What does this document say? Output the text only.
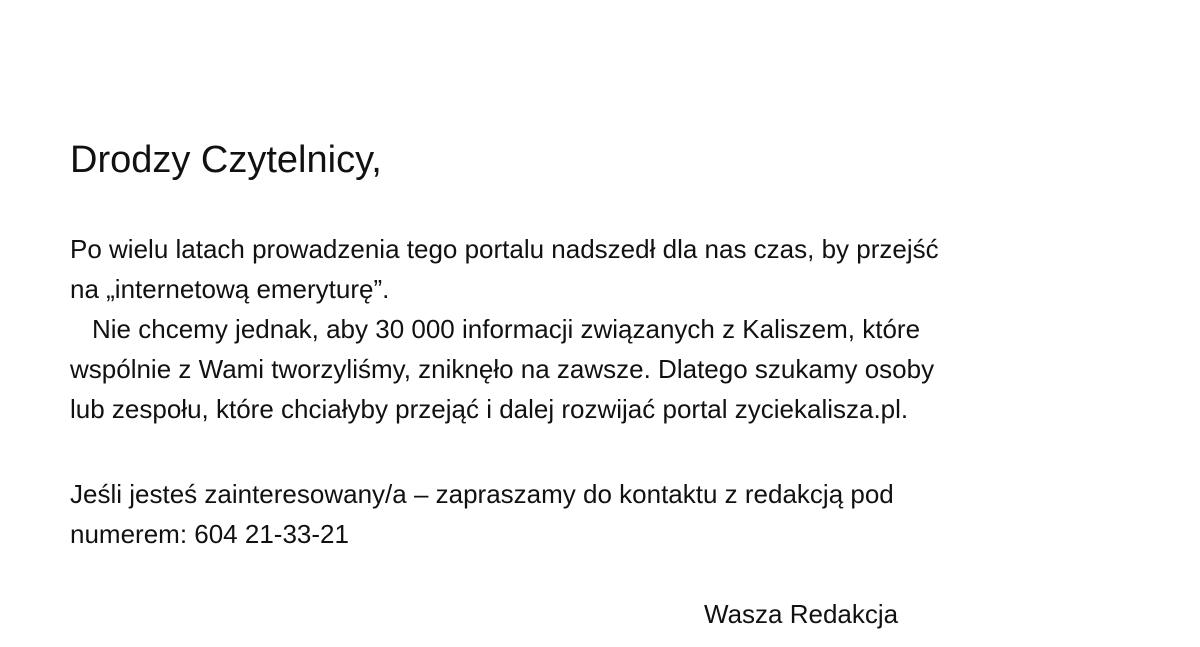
Drodzy Czytelnicy,

Po wielu latach prowadzenia tego portalu nadszedł dla nas czas, by przejść
na „internetową emeryturę”.

Nie chcemy jednak, aby 30 000 informacji związanych z Kaliszem, które
wspólnie z Wami tworzyliśmy, zniknęło na zawsze. Dlatego szukamy osoby
lub zespołu, które chciałyby przejąć i dalej rozwijać portal zyciekalisza.pl.

Jeśli jesteś zainteresowany/a – zapraszamy do kontaktu z redakcją pod
numerem: 604 21-33-21

Wasza Redakcja
